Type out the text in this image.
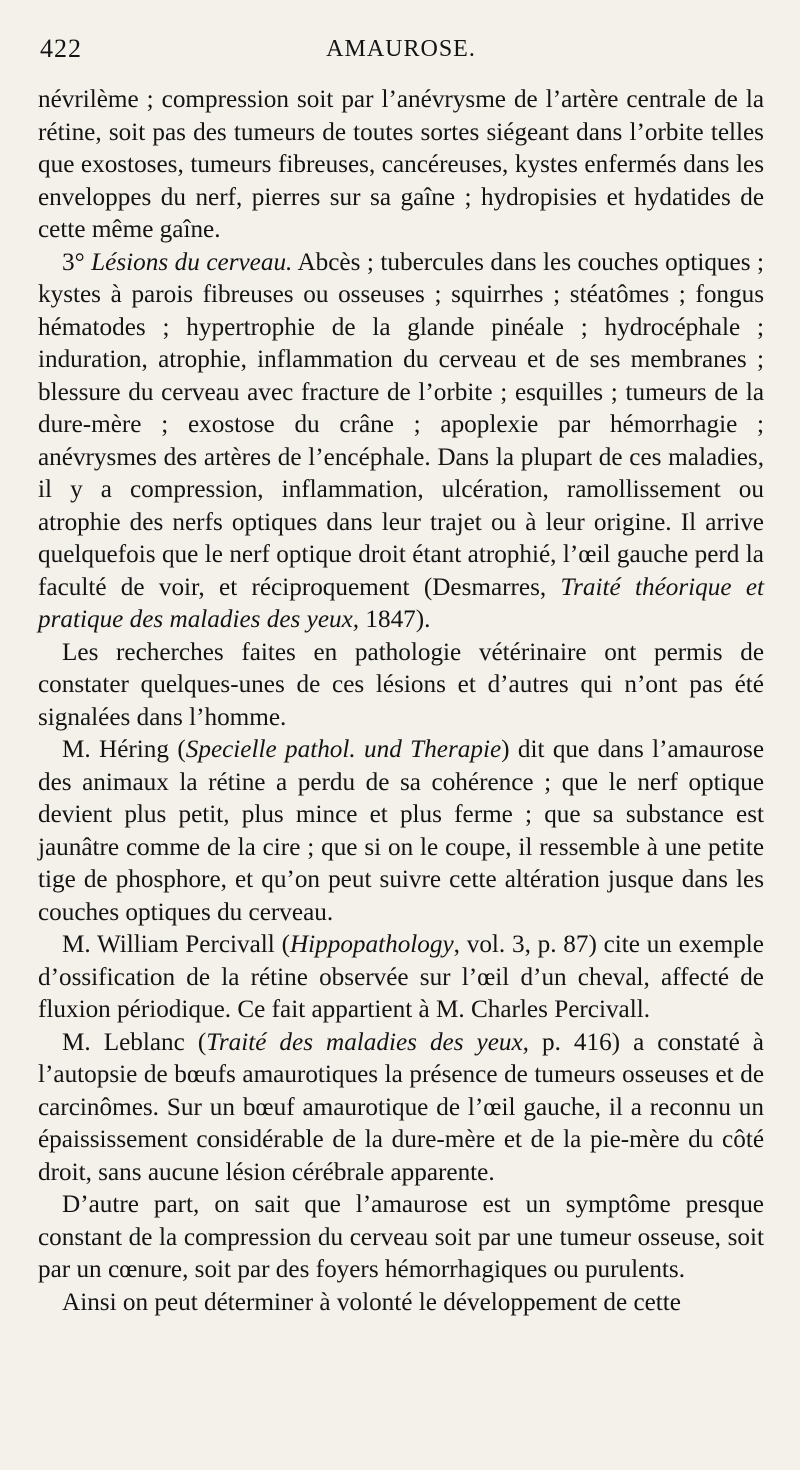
422	AMAUROSE.

névrilème ; compression soit par l’anévrysme de l’artère centrale de la rétine, soit pas des tumeurs de toutes sortes siégeant dans l’orbite telles que exostoses, tumeurs fibreuses, cancéreuses, kystes enfermés dans les enveloppes du nerf, pierres sur sa gaîne ; hydropisies et hydatides de cette même gaîne.

3° Lésions du cerveau. Abcès ; tubercules dans les couches optiques ; kystes à parois fibreuses ou osseuses ; squirrhes ; stéatômes ; fongus hématodes ; hypertrophie de la glande pinéale ; hydrocéphale ; induration, atrophie, inflammation du cerveau et de ses membranes ; blessure du cerveau avec fracture de l’orbite ; esquilles ; tumeurs de la dure-mère ; exostose du crâne ; apoplexie par hémorrhagie ; anévrysmes des artères de l’encéphale. Dans la plupart de ces maladies, il y a compression, inflammation, ulcération, ramollissement ou atrophie des nerfs optiques dans leur trajet ou à leur origine. Il arrive quelquefois que le nerf optique droit étant atrophié, l’œil gauche perd la faculté de voir, et réciproquement (Desmarres, Traité théorique et pratique des maladies des yeux, 1847).

Les recherches faites en pathologie vétérinaire ont permis de constater quelques-unes de ces lésions et d’autres qui n’ont pas été signalées dans l’homme.

M. Héring (Specielle pathol. und Therapie) dit que dans l’amaurose des animaux la rétine a perdu de sa cohérence ; que le nerf optique devient plus petit, plus mince et plus ferme ; que sa substance est jaunâtre comme de la cire ; que si on le coupe, il ressemble à une petite tige de phosphore, et qu’on peut suivre cette altération jusque dans les couches optiques du cerveau.

M. William Percivall (Hippopathology, vol. 3, p. 87) cite un exemple d’ossification de la rétine observée sur l’œil d’un cheval, affecté de fluxion périodique. Ce fait appartient à M. Charles Percivall.

M. Leblanc (Traité des maladies des yeux, p. 416) a constaté à l’autopsie de bœufs amaurotiques la présence de tumeurs osseuses et de carcinômes. Sur un bœuf amaurotique de l’œil gauche, il a reconnu un épaississement considérable de la dure-mère et de la pie-mère du côté droit, sans aucune lésion cérébrale apparente.

D’autre part, on sait que l’amaurose est un symptôme presque constant de la compression du cerveau soit par une tumeur osseuse, soit par un cœnure, soit par des foyers hémorrhagiques ou purulents.

Ainsi on peut déterminer à volonté le développement de cette
